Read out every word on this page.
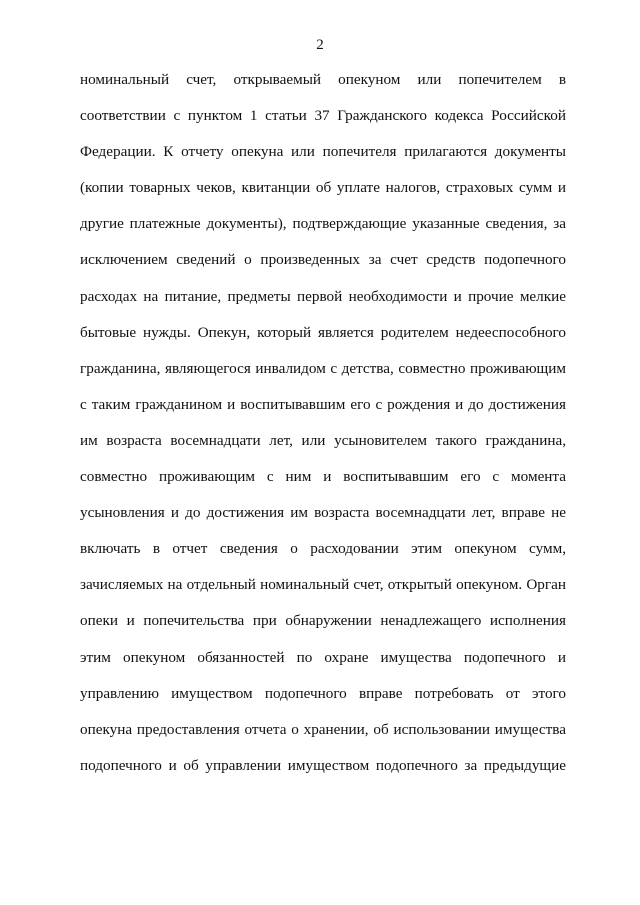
2
номинальный счет, открываемый опекуном или попечителем в
соответствии с пунктом 1 статьи 37 Гражданского кодекса Российской
Федерации. К отчету опекуна или попечителя прилагаются документы
(копии товарных чеков, квитанции об уплате налогов, страховых сумм и
другие платежные документы), подтверждающие указанные сведения, за
исключением сведений о произведенных за счет средств подопечного
расходах на питание, предметы первой необходимости и прочие мелкие
бытовые нужды. Опекун, который является родителем недееспособного
гражданина, являющегося инвалидом с детства, совместно проживающим
с таким гражданином и воспитывавшим его с рождения и до достижения
им возраста восемнадцати лет, или усыновителем такого гражданина,
совместно проживающим с ним и воспитывавшим его с момента
усыновления и до достижения им возраста восемнадцати лет, вправе не
включать в отчет сведения о расходовании этим опекуном сумм,
зачисляемых на отдельный номинальный счет, открытый опекуном. Орган
опеки и попечительства при обнаружении ненадлежащего исполнения
этим опекуном обязанностей по охране имущества подопечного и
управлению имуществом подопечного вправе потребовать от этого
опекуна предоставления отчета о хранении, об использовании имущества
подопечного и об управлении имуществом подопечного за предыдущие
